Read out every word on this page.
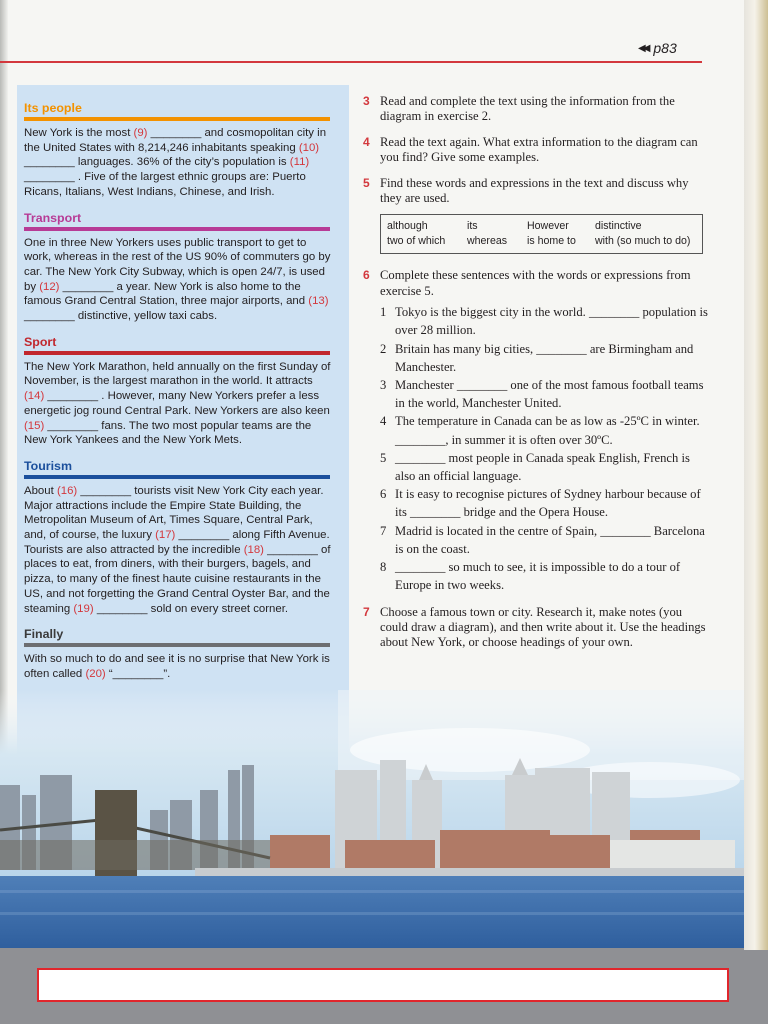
◀◀ p83
Its people
New York is the most (9) ________ and cosmopolitan city in the United States with 8,214,246 inhabitants speaking (10) ________ languages. 36% of the city’s population is (11) ________ . Five of the largest ethnic groups are: Puerto Ricans, Italians, West Indians, Chinese, and Irish.
Transport
One in three New Yorkers uses public transport to get to work, whereas in the rest of the US 90% of commuters go by car. The New York City Subway, which is open 24/7, is used by (12) ________ a year. New York is also home to the famous Grand Central Station, three major airports, and (13) ________ distinctive, yellow taxi cabs.
Sport
The New York Marathon, held annually on the first Sunday of November, is the largest marathon in the world. It attracts (14) ________ . However, many New Yorkers prefer a less energetic jog round Central Park. New Yorkers are also keen (15) ________ fans. The two most popular teams are the New York Yankees and the New York Mets.
Tourism
About (16) ________ tourists visit New York City each year. Major attractions include the Empire State Building, the Metropolitan Museum of Art, Times Square, Central Park, and, of course, the luxury (17) ________ along Fifth Avenue. Tourists are also attracted by the incredible (18) ________ of places to eat, from diners, with their burgers, bagels, and pizza, to many of the finest haute cuisine restaurants in the US, and not forgetting the Grand Central Oyster Bar, and the steaming (19) ________ sold on every street corner.
Finally
With so much to do and see it is no surprise that New York is often called (20) “________”.
3 Read and complete the text using the information from the diagram in exercise 2.
4 Read the text again. What extra information to the diagram can you find? Give some examples.
5 Find these words and expressions in the text and discuss why they are used.
although	its	However	distinctive
two of which	whereas	is home to	with (so much to do)
6 Complete these sentences with the words or expressions from exercise 5.
1 Tokyo is the biggest city in the world. ________ population is over 28 million.
2 Britain has many big cities, ________ are Birmingham and Manchester.
3 Manchester ________ one of the most famous football teams in the world, Manchester United.
4 The temperature in Canada can be as low as -25ºC in winter. ________, in summer it is often over 30ºC.
5 ________ most people in Canada speak English, French is also an official language.
6 It is easy to recognise pictures of Sydney harbour because of its ________ bridge and the Opera House.
7 Madrid is located in the centre of Spain, ________ Barcelona is on the coast.
8 ________ so much to see, it is impossible to do a tour of Europe in two weeks.
7 Choose a famous town or city. Research it, make notes (you could draw a diagram), and then write about it. Use the headings about New York, or choose headings of your own.
